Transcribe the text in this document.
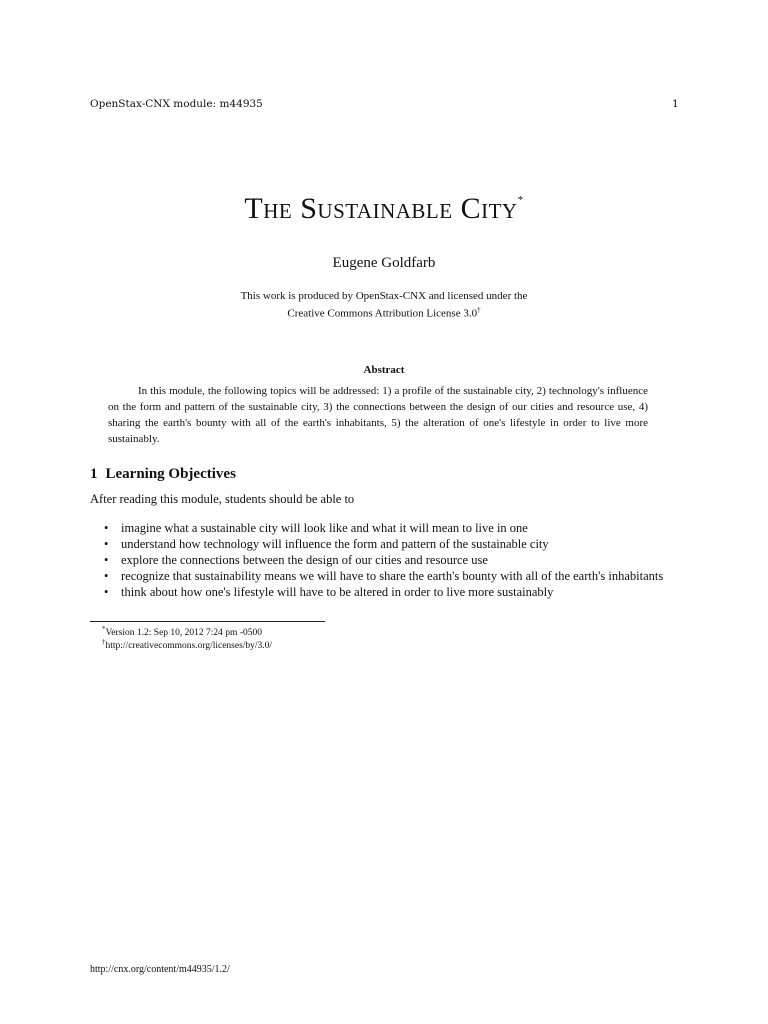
OpenStax-CNX module: m44935	1
The Sustainable City*
Eugene Goldfarb
This work is produced by OpenStax-CNX and licensed under the
Creative Commons Attribution License 3.0†
Abstract
In this module, the following topics will be addressed: 1) a profile of the sustainable city, 2) technology's influence on the form and pattern of the sustainable city, 3) the connections between the design of our cities and resource use, 4) sharing the earth's bounty with all of the earth's inhabitants, 5) the alteration of one's lifestyle in order to live more sustainably.
1 Learning Objectives
After reading this module, students should be able to
• imagine what a sustainable city will look like and what it will mean to live in one
• understand how technology will influence the form and pattern of the sustainable city
• explore the connections between the design of our cities and resource use
• recognize that sustainability means we will have to share the earth's bounty with all of the earth's inhabitants
• think about how one's lifestyle will have to be altered in order to live more sustainably
*Version 1.2: Sep 10, 2012 7:24 pm -0500
†http://creativecommons.org/licenses/by/3.0/
http://cnx.org/content/m44935/1.2/
